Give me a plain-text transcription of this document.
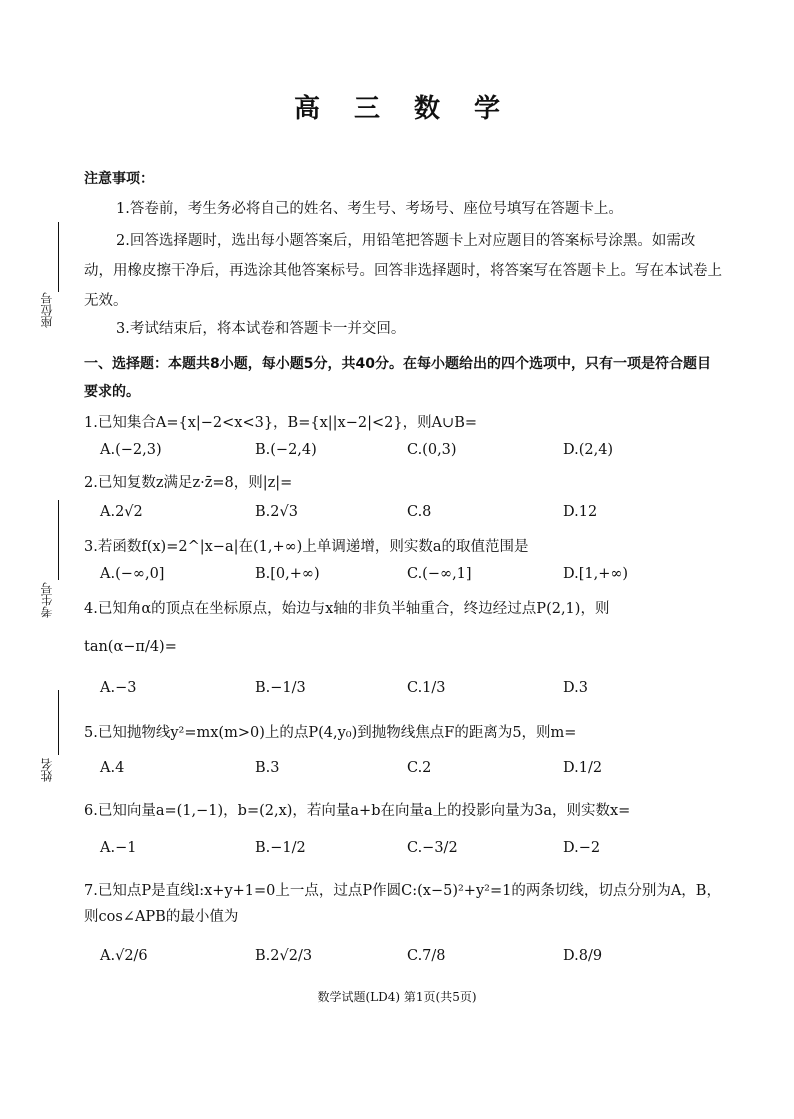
座位号
考生号
姓名
高三数学
注意事项：
1.答卷前，考生务必将自己的姓名、考生号、考场号、座位号填写在答题卡上。
2.回答选择题时，选出每小题答案后，用铅笔把答题卡上对应题目的答案标号涂黑。如需改动，用橡皮擦干净后，再选涂其他答案标号。回答非选择题时，将答案写在答题卡上。写在本试卷上无效。
3.考试结束后，将本试卷和答题卡一并交回。
一、选择题：本题共8小题，每小题5分，共40分。在每小题给出的四个选项中，只有一项是符合题目要求的。
1.已知集合A={x|−2<x<3}，B={x||x−2|<2}，则A∪B=
A.(−2,3)	B.(−2,4)	C.(0,3)	D.(2,4)
2.已知复数z满足z·z̄=8，则|z|=
A.2√2	B.2√3	C.8	D.12
3.若函数f(x)=2^|x−a|在(1,+∞)上单调递增，则实数a的取值范围是
A.(−∞,0]	B.[0,+∞)	C.(−∞,1]	D.[1,+∞)
4.已知角α的顶点在坐标原点，始边与x轴的非负半轴重合，终边经过点P(2,1)，则
tan(α−π/4)=
A.−3	B.−1/3	C.1/3	D.3
5.已知抛物线y²=mx(m>0)上的点P(4,y₀)到抛物线焦点F的距离为5，则m=
A.4	B.3	C.2	D.1/2
6.已知向量a=(1,−1)，b=(2,x)，若向量a+b在向量a上的投影向量为3a，则实数x=
A.−1	B.−1/2	C.−3/2	D.−2
7.已知点P是直线l:x+y+1=0上一点，过点P作圆C:(x−5)²+y²=1的两条切线，切点分别为A，B，则cos∠APB的最小值为
A.√2/6	B.2√2/3	C.7/8	D.8/9
数学试题(LD4) 第1页(共5页)
